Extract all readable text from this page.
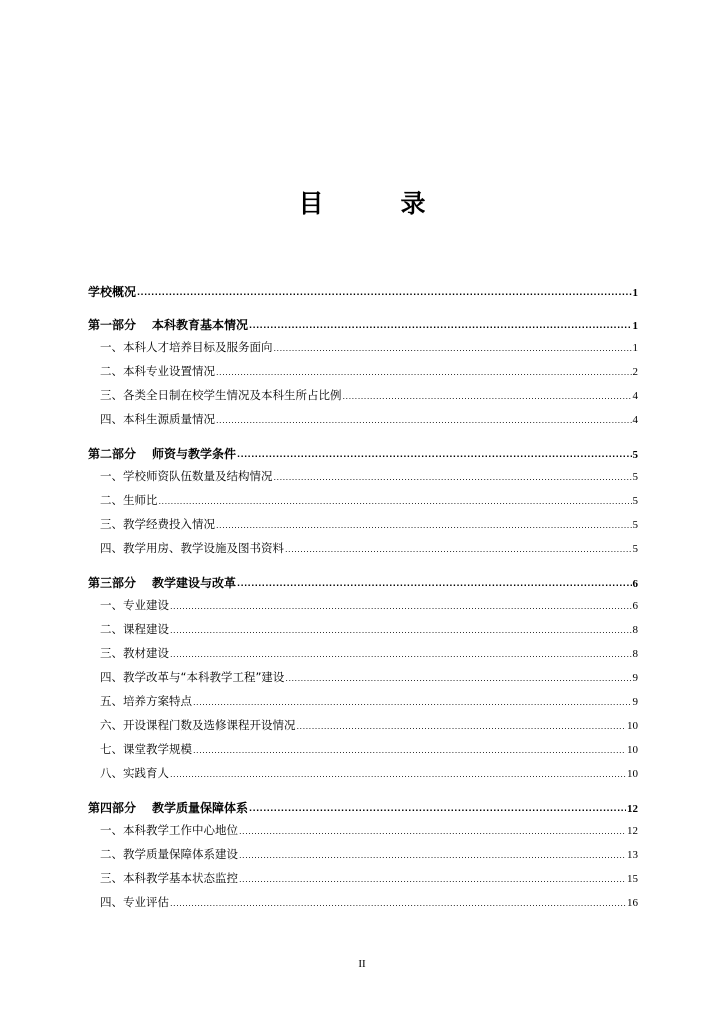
目　录
学校概况 .....	1
第一部分 本科教育基本情况 .....	1
一、本科人才培养目标及服务面向 .....	1
二、本科专业设置情况 .....	2
三、各类全日制在校学生情况及本科生所占比例 .....	4
四、本科生源质量情况 .....	4
第二部分 师资与教学条件 .....	5
一、学校师资队伍数量及结构情况 .....	5
二、生师比 .....	5
三、教学经费投入情况 .....	5
四、教学用房、教学设施及图书资料 .....	5
第三部分 教学建设与改革 .....	6
一、专业建设 .....	6
二、课程建设 .....	8
三、教材建设 .....	8
四、教学改革与“本科教学工程”建设 .....	9
五、培养方案特点 .....	9
六、开设课程门数及选修课程开设情况 .....	10
七、课堂教学规模 .....	10
八、实践育人 .....	10
第四部分 教学质量保障体系 .....	12
一、本科教学工作中心地位 .....	12
二、教学质量保障体系建设 .....	13
三、本科教学基本状态监控 .....	15
四、专业评估 .....	16
II
